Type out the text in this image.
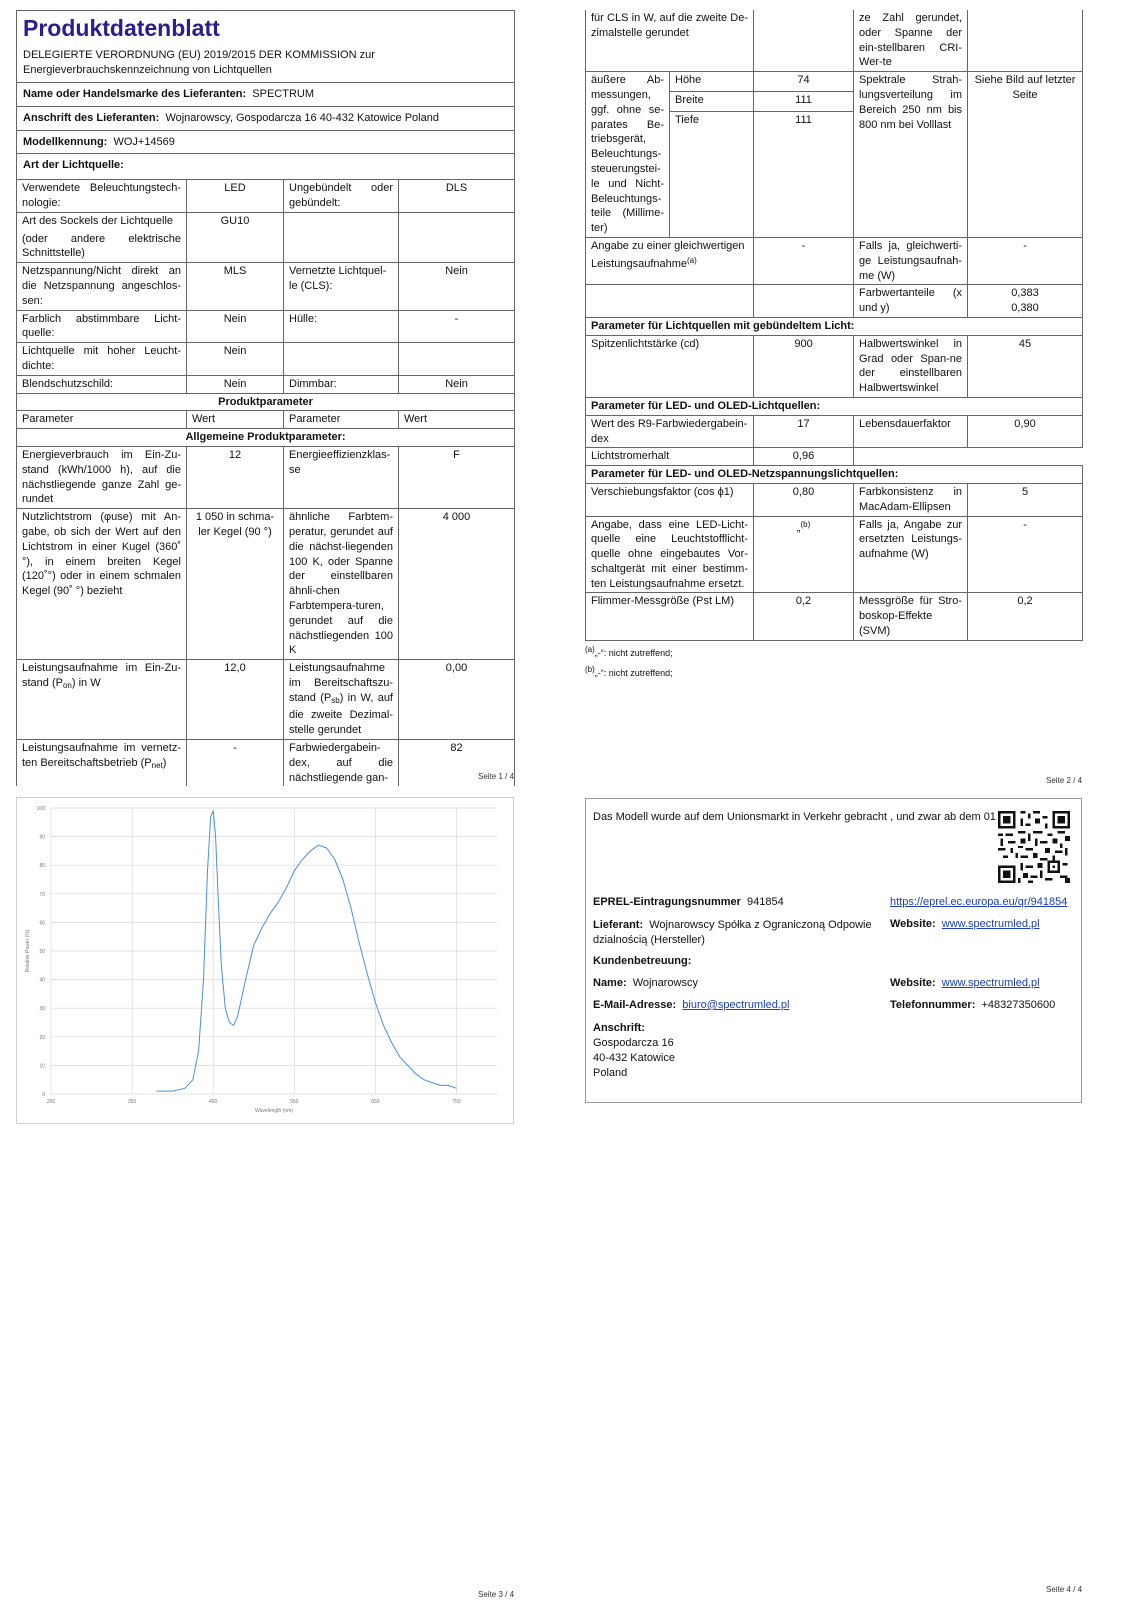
Produktdatenblatt
DELEGIERTE VERORDNUNG (EU) 2019/2015 DER KOMMISSION zur Energieverbrauchskennzeichnung von Lichtquellen			

Name oder Handelsmarke des Lieferanten: SPECTRUM			
Anschrift des Lieferanten: Wojnarowscy, Gospodarcza 16 40-432 Katowice Poland			
Modellkennung: WOJ+14569			
Art der Lichtquelle:			
Verwendete Beleuchtungstech-nologie:	LED	Ungebündelt oder gebündelt:	DLS

Art des Sockels der Lichtquelle
(oder andere elektrische Schnittstelle)	GU10		
Netzspannung/Nicht direkt an die Netzspannung angeschlos-sen:	MLS	Vernetzte Lichtquel-le (CLS):	Nein
Farblich abstimmbare Licht-quelle:	Nein	Hülle:	-
Lichtquelle mit hoher Leucht-dichte:	Nein		
Blendschutzschild:	Nein	Dimmbar:	Nein
Produktparameter			
Parameter	Wert	Parameter	Wert
Allgemeine Produktparameter:			
Energieverbrauch im Ein-Zu-stand (kWh/1000 h), auf die nächstliegende ganze Zahl ge-rundet	12	Energieeffizienzklas-se	F
Nutzlichtstrom (φuse) mit An-gabe, ob sich der Wert auf den Lichtstrom in einer Kugel (360˚ °), in einem breiten Kegel (120˚°) oder in einem schmalen Kegel (90˚ °) bezieht	1 050 in schma-ler Kegel (90 °)	ähnliche Farbtem-peratur, gerundet auf die nächst-liegenden 100 K, oder Spanne der einstellbaren ähnli-chen Farbtempera-turen, gerundet auf die nächstliegenden 100 K	4 000
Leistungsaufnahme im Ein-Zu-stand $(P_{on})$ in W	12,0	Leistungsaufnahme im Bereitschaftszu-stand $(P_{sb})$ in W, auf die zweite Dezimal-stelle gerundet	0,00
Leistungsaufnahme im vernetz-ten Bereitschaftsbetrieb $(P_{net})$	-	Farbwiedergabein-dex, auf die nächstliegende gan-	82
Seite 1 / 4
für CLS in W, auf die zweite De-zimalstelle gerundet			ze Zahl gerundet, oder Spanne der ein-stellbaren CRI-Wer-te	
äußere Ab-messungen, ggf. ohne se-parates Be-triebsgerät, Beleuchtungs-steuerungstei-le und Nicht-Beleuchtungs-teile (Millime-ter)	Höhe	74	Spektrale Strah-lungsverteilung im Bereich 250 nm bis 800 nm bei Volllast	Siehe Bild auf letzter Seite
	Breite	111		
	Tiefe	111		

Angabe zu einer gleichwertigen Leistungsaufnahme$^{(a)}$		-	Falls ja, gleichwerti-ge Leistungsaufnah-me (W)	-
			Farbwertanteile (x und y)	0,383
0,380

Parameter für Lichtquellen mit gebündeltem Licht:				
Spitzenlichtstärke (cd)		900	Halbwertswinkel in Grad oder Span-ne der einstellbaren Halbwertswinkel	45
Parameter für LED- und OLED-Lichtquellen:				
Wert des R9-Farbwiedergabein-dex		17	Lebensdauerfaktor	0,90
Lichtstromerhalt		0,96		
Parameter für LED- und OLED-Netzspannungslichtquellen:				
Verschiebungsfaktor (cos ϕ1)		0,80	Farbkonsistenz in MacAdam-Ellipsen	5
Angabe, dass eine LED-Licht-quelle eine Leuchtstofflicht-quelle ohne eingebautes Vor-schaltgerät mit einer bestimm-ten Leistungsaufnahme ersetzt.		„$^{(b)}$	Falls ja, Angabe zur ersetzten Leistungs-aufnahme (W)	-
Flimmer-Messgröße (Pst LM)		0,2	Messgröße für Stro-boskop-Effekte (SVM)	0,2
(a)„-“: nicht zutreffend;
(b)„-“: nicht zutreffend;
Seite 2 / 4
0
10
20
30
40
50
60
70
80
90
100
250	350	450	550	650	750
Wavelength (nm)
Relative Power (%)
Seite 3 / 4
Das Modell wurde auf dem Unionsmarkt in Verkehr gebracht , und zwar ab dem 01
EPREL-Eintragungsnummer 941854	https://eprel.ec.europa.eu/qr/941854
Lieferant: Wojnarowscy Spółka z Ograniczoną Odpowie dzialnością (Hersteller)
Website: www.spectrumled.pl
Kundenbetreuung:
Name: Wojnarowscy	Website: www.spectrumled.pl
E-Mail-Adresse: biuro@spectrumled.pl	Telefonnummer: +48327350600
Anschrift:
Gospodarcza 16
40-432 Katowice
Poland
Seite 4 / 4
